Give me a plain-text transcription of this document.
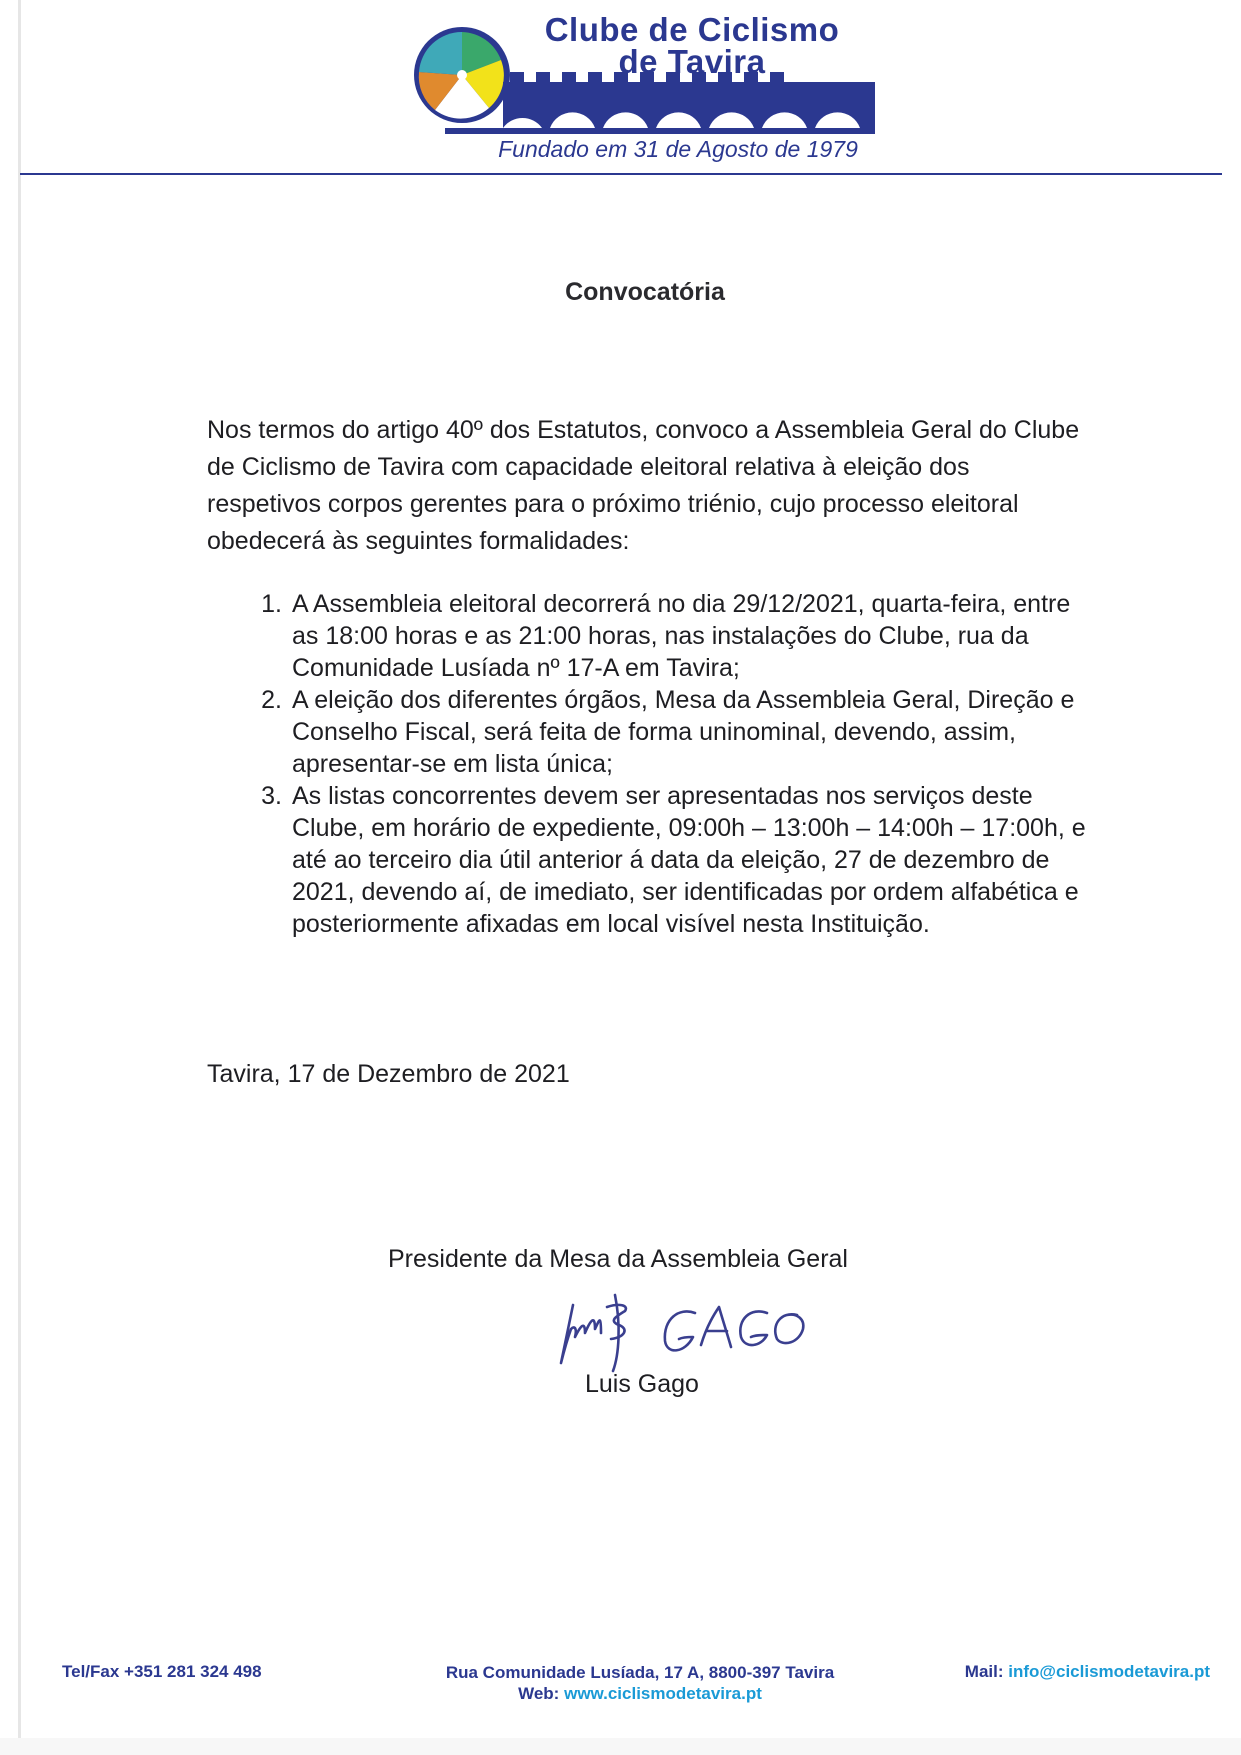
Clube de Ciclismo
de Tavira
Fundado em 31 de Agosto de 1979
Convocatória
Nos termos do artigo 40º dos Estatutos, convoco a Assembleia Geral do Clube de Ciclismo de Tavira com capacidade eleitoral relativa à eleição dos respetivos corpos gerentes para o próximo triénio, cujo processo eleitoral obedecerá às seguintes formalidades:
1. A Assembleia eleitoral decorrerá no dia 29/12/2021, quarta-feira, entre as 18:00 horas e as 21:00 horas, nas instalações do Clube, rua da Comunidade Lusíada nº 17-A em Tavira;
2. A eleição dos diferentes órgãos, Mesa da Assembleia Geral, Direção e Conselho Fiscal, será feita de forma uninominal, devendo, assim, apresentar-se em lista única;
3. As listas concorrentes devem ser apresentadas nos serviços deste Clube, em horário de expediente, 09:00h – 13:00h – 14:00h – 17:00h, e até ao terceiro dia útil anterior á data da eleição, 27 de dezembro de 2021, devendo aí, de imediato, ser identificadas por ordem alfabética e posteriormente afixadas em local visível nesta Instituição.
Tavira, 17 de Dezembro de 2021
Presidente da Mesa da Assembleia Geral
Luis Gago
Tel/Fax +351 281 324 498	Rua Comunidade Lusíada, 17 A, 8800-397 Tavira
Web: www.ciclismodetavira.pt
Mail: info@ciclismodetavira.pt
